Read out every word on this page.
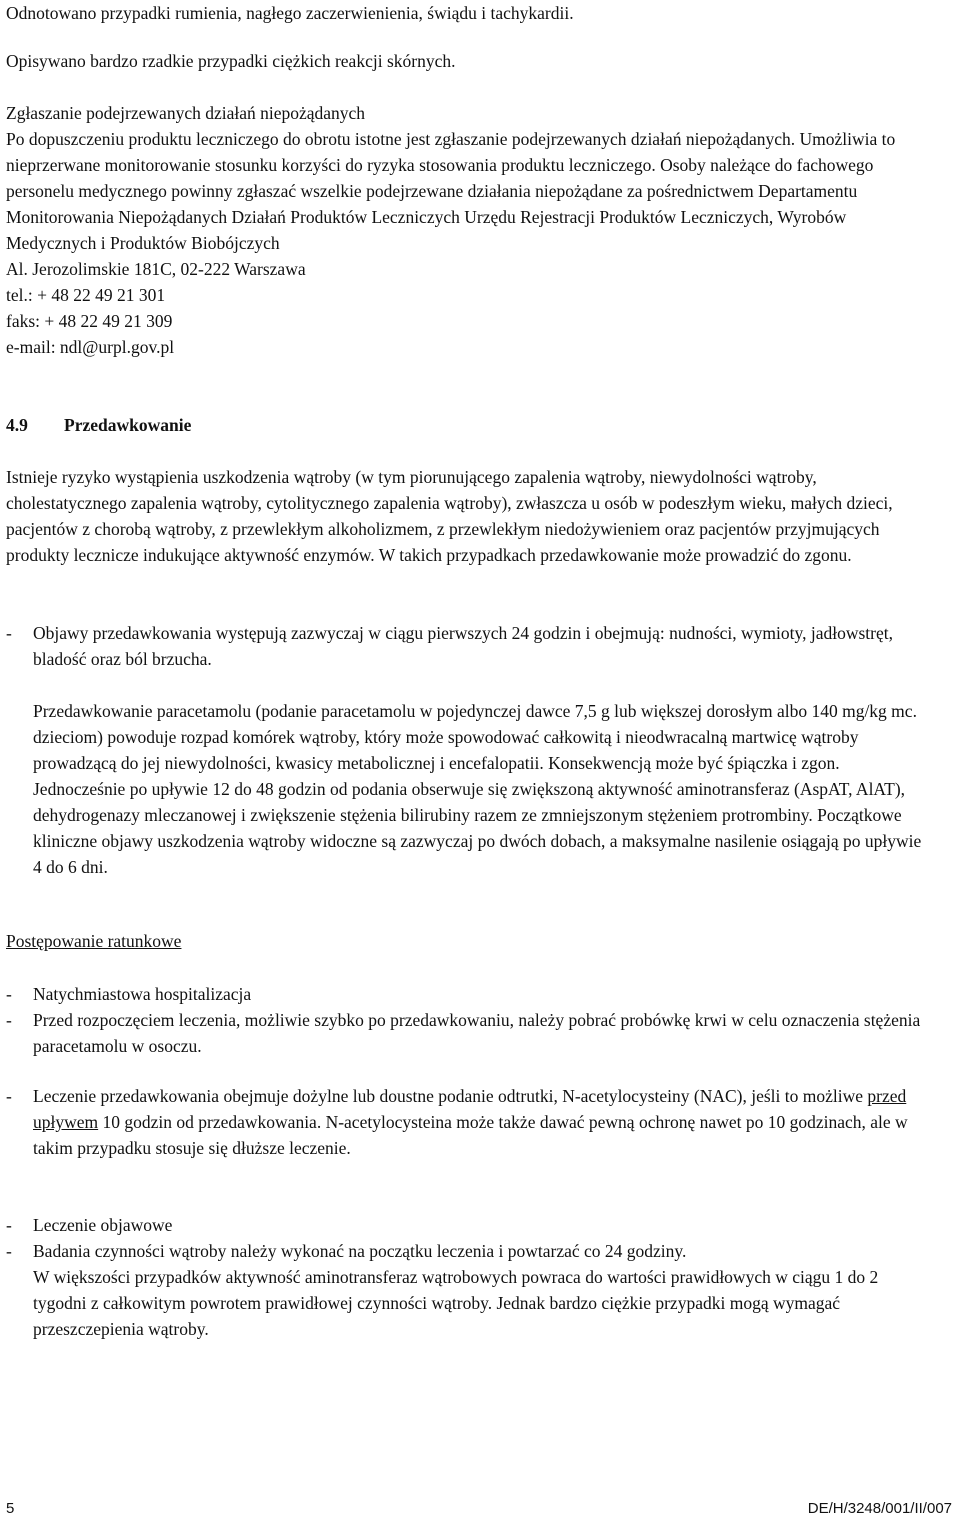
Odnotowano przypadki rumienia, nagłego zaczerwienienia, świądu i tachykardii.

Opisywano bardzo rzadkie przypadki ciężkich reakcji skórnych.

Zgłaszanie podejrzewanych działań niepożądanych
Po dopuszczeniu produktu leczniczego do obrotu istotne jest zgłaszanie podejrzewanych działań niepożądanych. Umożliwia to nieprzerwane monitorowanie stosunku korzyści do ryzyka stosowania produktu leczniczego. Osoby należące do fachowego personelu medycznego powinny zgłaszać wszelkie podejrzewane działania niepożądane za pośrednictwem Departamentu Monitorowania Niepożądanych Działań Produktów Leczniczych Urzędu Rejestracji Produktów Leczniczych, Wyrobów Medycznych i Produktów Biobójczych
Al. Jerozolimskie 181C, 02-222 Warszawa
tel.: + 48 22 49 21 301
faks: + 48 22 49 21 309
e-mail: ndl@urpl.gov.pl
4.9 Przedawkowanie

Istnieje ryzyko wystąpienia uszkodzenia wątroby (w tym piorunującego zapalenia wątroby, niewydolności wątroby, cholestatycznego zapalenia wątroby, cytolitycznego zapalenia wątroby), zwłaszcza u osób w podeszłym wieku, małych dzieci, pacjentów z chorobą wątroby, z przewlekłym alkoholizmem, z przewlekłym niedożywieniem oraz pacjentów przyjmujących produkty lecznicze indukujące aktywność enzymów. W takich przypadkach przedawkowanie może prowadzić do zgonu.

- Objawy przedawkowania występują zazwyczaj w ciągu pierwszych 24 godzin i obejmują: nudności, wymioty, jadłowstręt, bladość oraz ból brzucha.

Przedawkowanie paracetamolu (podanie paracetamolu w pojedynczej dawce 7,5 g lub większej dorosłym albo 140 mg/kg mc. dzieciom) powoduje rozpad komórek wątroby, który może spowodować całkowitą i nieodwracalną martwicę wątroby prowadzącą do jej niewydolności, kwasicy metabolicznej i encefalopatii. Konsekwencją może być śpiączka i zgon. Jednocześnie po upływie 12 do 48 godzin od podania obserwuje się zwiększoną aktywność aminotransferaz (AspAT, AlAT), dehydrogenazy mleczanowej i zwiększenie stężenia bilirubiny razem ze zmniejszonym stężeniem protrombiny. Początkowe kliniczne objawy uszkodzenia wątroby widoczne są zazwyczaj po dwóch dobach, a maksymalne nasilenie osiągają po upływie 4 do 6 dni.

Postępowanie ratunkowe

- Natychmiastowa hospitalizacja
- Przed rozpoczęciem leczenia, możliwie szybko po przedawkowaniu, należy pobrać probówkę krwi w celu oznaczenia stężenia paracetamolu w osoczu.
- Leczenie przedawkowania obejmuje dożylne lub doustne podanie odtrutki, N-acetylocysteiny (NAC), jeśli to możliwe przed upływem 10 godzin od przedawkowania. N-acetylocysteina może także dawać pewną ochronę nawet po 10 godzinach, ale w takim przypadku stosuje się dłuższe leczenie.
- Leczenie objawowe
- Badania czynności wątroby należy wykonać na początku leczenia i powtarzać co 24 godziny.

W większości przypadków aktywność aminotransferaz wątrobowych powraca do wartości prawidłowych w ciągu 1 do 2 tygodni z całkowitym powrotem prawidłowej czynności wątroby. Jednak bardzo ciężkie przypadki mogą wymagać przeszczepienia wątroby.

5	DE/H/3248/001/II/007
